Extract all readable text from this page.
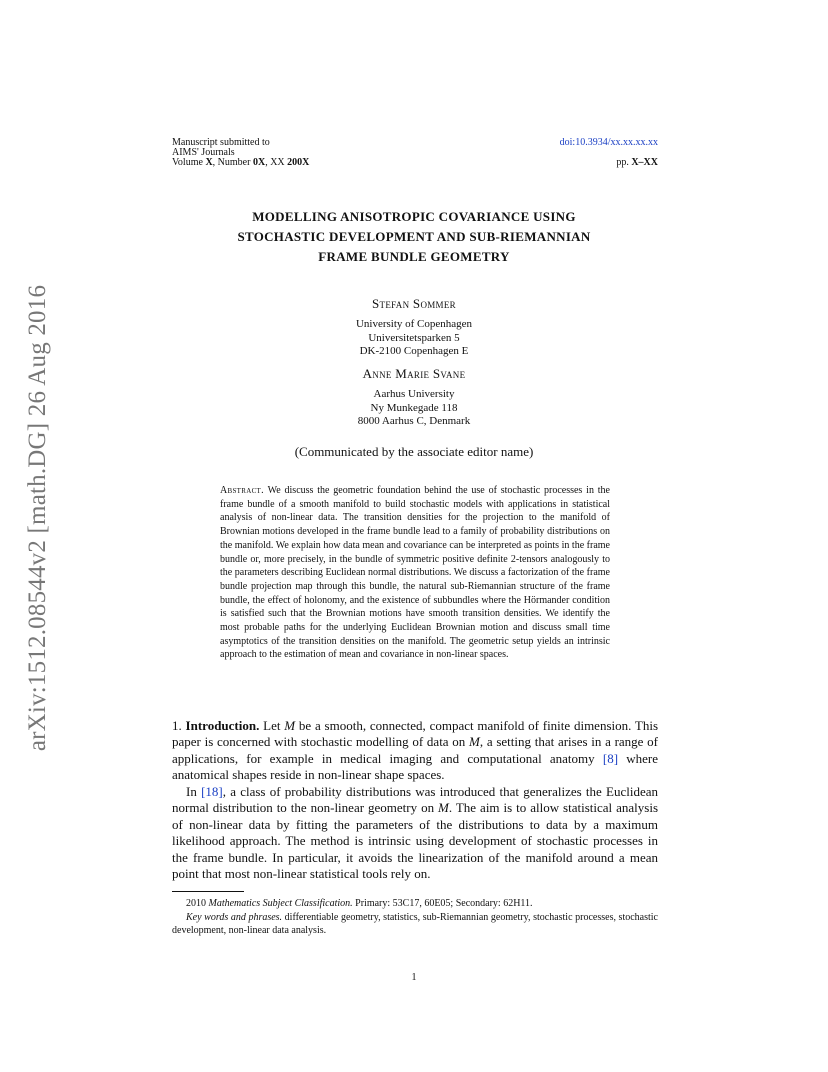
arXiv:1512.08544v2 [math.DG] 26 Aug 2016
Manuscript submitted to
AIMS' Journals
Volume X, Number 0X, XX 200X
doi:10.3934/xx.xx.xx.xx
pp. X–XX
MODELLING ANISOTROPIC COVARIANCE USING
STOCHASTIC DEVELOPMENT AND SUB-RIEMANNIAN
FRAME BUNDLE GEOMETRY
Stefan Sommer
University of Copenhagen
Universitetsparken 5
DK-2100 Copenhagen E
Anne Marie Svane
Aarhus University
Ny Munkegade 118
8000 Aarhus C, Denmark
(Communicated by the associate editor name)
Abstract. We discuss the geometric foundation behind the use of stochastic processes in the frame bundle of a smooth manifold to build stochastic models with applications in statistical analysis of non-linear data. The transition densities for the projection to the manifold of Brownian motions developed in the frame bundle lead to a family of probability distributions on the manifold. We explain how data mean and covariance can be interpreted as points in the frame bundle or, more precisely, in the bundle of symmetric positive definite 2-tensors analogously to the parameters describing Euclidean normal distributions. We discuss a factorization of the frame bundle projection map through this bundle, the natural sub-Riemannian structure of the frame bundle, the effect of holonomy, and the existence of subbundles where the Hörmander condition is satisfied such that the Brownian motions have smooth transition densities. We identify the most probable paths for the underlying Euclidean Brownian motion and discuss small time asymptotics of the transition densities on the manifold. The geometric setup yields an intrinsic approach to the estimation of mean and covariance in non-linear spaces.
1. Introduction. Let M be a smooth, connected, compact manifold of finite dimension. This paper is concerned with stochastic modelling of data on M, a setting that arises in a range of applications, for example in medical imaging and computational anatomy [8] where anatomical shapes reside in non-linear shape spaces.
In [18], a class of probability distributions was introduced that generalizes the Euclidean normal distribution to the non-linear geometry on M. The aim is to allow statistical analysis of non-linear data by fitting the parameters of the distributions to data by a maximum likelihood approach. The method is intrinsic using development of stochastic processes in the frame bundle. In particular, it avoids the linearization of the manifold around a mean point that most non-linear statistical tools rely on.
2010 Mathematics Subject Classification. Primary: 53C17, 60E05; Secondary: 62H11.
Key words and phrases. differentiable geometry, statistics, sub-Riemannian geometry, stochastic processes, stochastic development, non-linear data analysis.
1
